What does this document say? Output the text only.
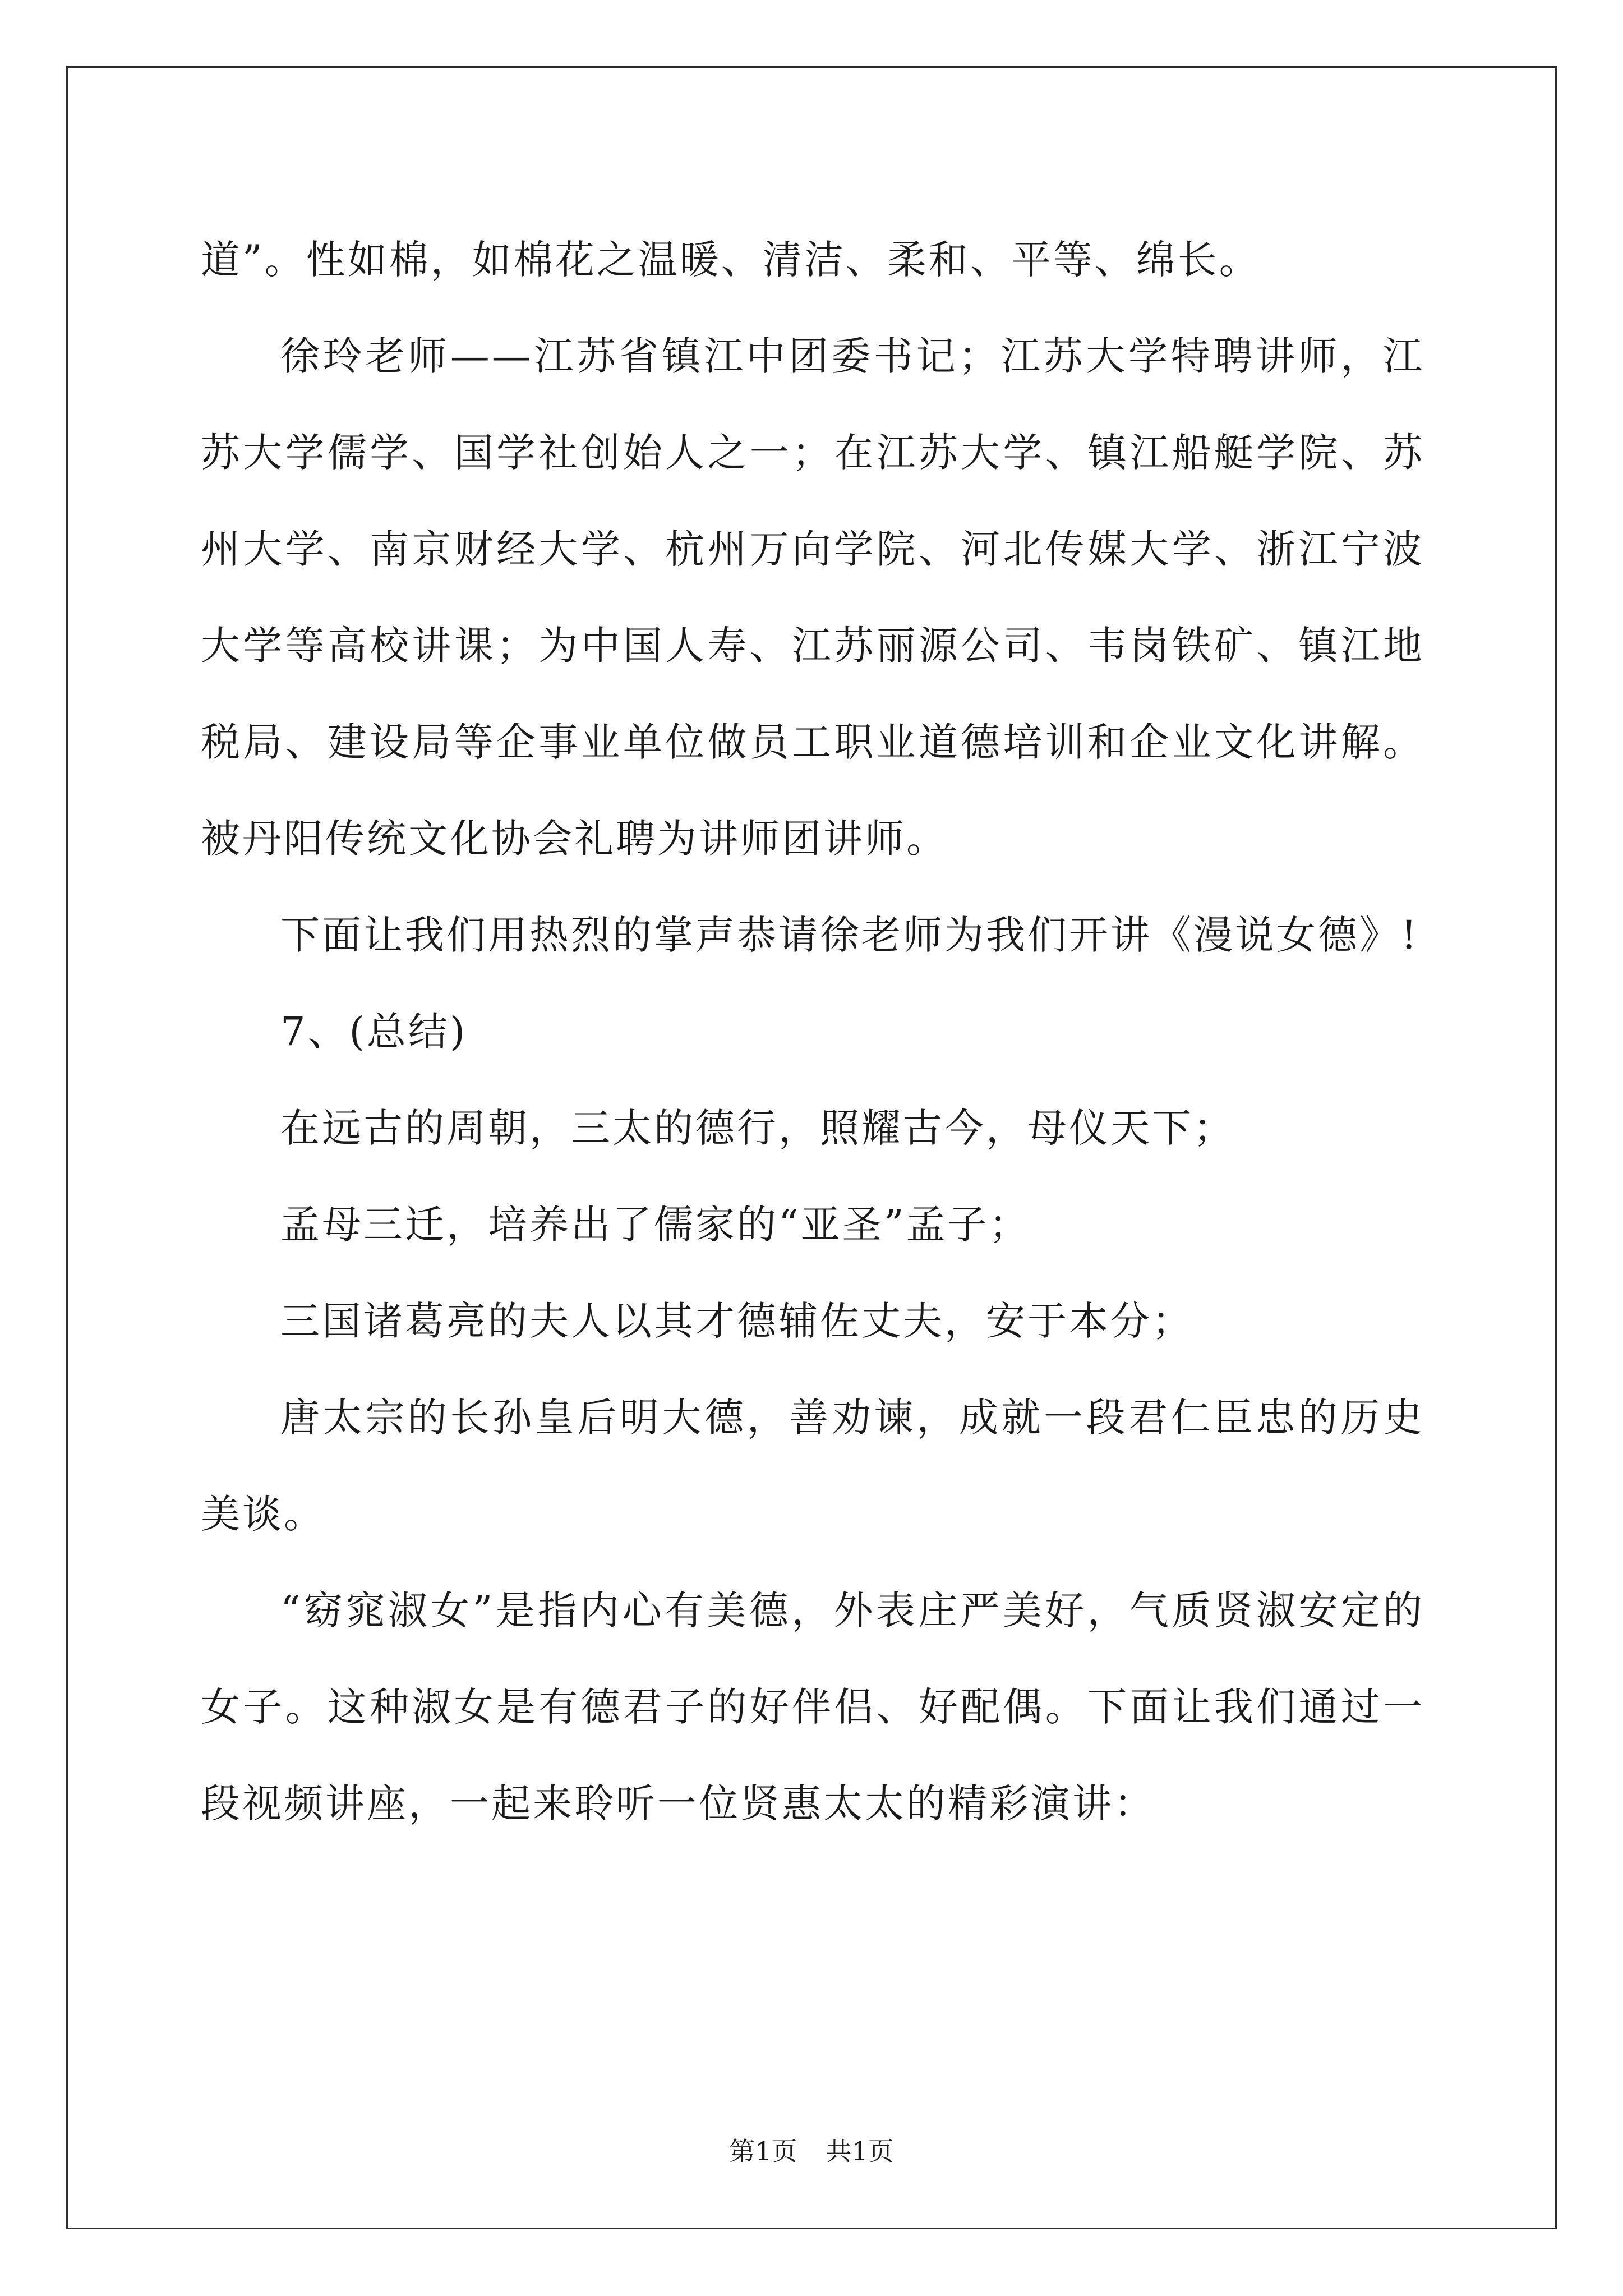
道”。性如棉，如棉花之温暖、清洁、柔和、平等、绵长。

徐玲老师——江苏省镇江中团委书记；江苏大学特聘讲师，江苏大学儒学、国学社创始人之一；在江苏大学、镇江船艇学院、苏州大学、南京财经大学、杭州万向学院、河北传媒大学、浙江宁波大学等高校讲课；为中国人寿、江苏丽源公司、韦岗铁矿、镇江地税局、建设局等企事业单位做员工职业道德培训和企业文化讲解。被丹阳传统文化协会礼聘为讲师团讲师。

下面让我们用热烈的掌声恭请徐老师为我们开讲《漫说女德》!

7、(总结)

在远古的周朝，三太的德行，照耀古今，母仪天下；

孟母三迁，培养出了儒家的“亚圣”孟子；

三国诸葛亮的夫人以其才德辅佐丈夫，安于本分；

唐太宗的长孙皇后明大德，善劝谏，成就一段君仁臣忠的历史美谈。

“窈窕淑女”是指内心有美德，外表庄严美好，气质贤淑安定的女子。这种淑女是有德君子的好伴侣、好配偶。下面让我们通过一段视频讲座，一起来聆听一位贤惠太太的精彩演讲：

第1页 共1页
